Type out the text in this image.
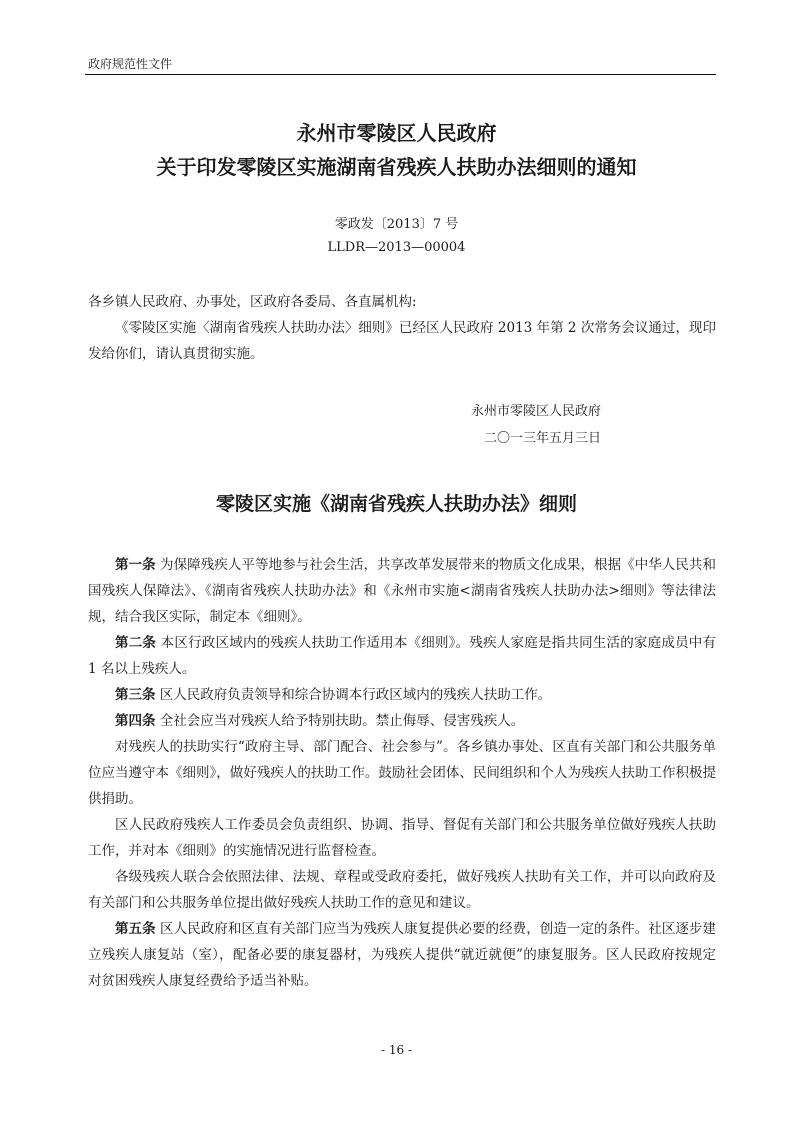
政府规范性文件
永州市零陵区人民政府
关于印发零陵区实施湖南省残疾人扶助办法细则的通知
零政发〔2013〕7 号
LLDR—2013—00004

各乡镇人民政府、办事处，区政府各委局、各直属机构:

《零陵区实施〈湖南省残疾人扶助办法〉细则》已经区人民政府 2013 年第 2 次常务会议通过，现印发给你们，请认真贯彻实施。

永州市零陵区人民政府
二〇一三年五月三日
零陵区实施《湖南省残疾人扶助办法》细则

第一条 为保障残疾人平等地参与社会生活，共享改革发展带来的物质文化成果，根据《中华人民共和国残疾人保障法》、《湖南省残疾人扶助办法》和《永州市实施<湖南省残疾人扶助办法>细则》等法律法规，结合我区实际，制定本《细则》。

第二条 本区行政区域内的残疾人扶助工作适用本《细则》。残疾人家庭是指共同生活的家庭成员中有 1 名以上残疾人。

第三条 区人民政府负责领导和综合协调本行政区域内的残疾人扶助工作。

第四条 全社会应当对残疾人给予特别扶助。禁止侮辱、侵害残疾人。

对残疾人的扶助实行“政府主导、部门配合、社会参与”。各乡镇办事处、区直有关部门和公共服务单位应当遵守本《细则》，做好残疾人的扶助工作。鼓励社会团体、民间组织和个人为残疾人扶助工作积极提供捐助。

区人民政府残疾人工作委员会负责组织、协调、指导、督促有关部门和公共服务单位做好残疾人扶助工作，并对本《细则》的实施情况进行监督检查。

各级残疾人联合会依照法律、法规、章程或受政府委托，做好残疾人扶助有关工作，并可以向政府及有关部门和公共服务单位提出做好残疾人扶助工作的意见和建议。

第五条 区人民政府和区直有关部门应当为残疾人康复提供必要的经费，创造一定的条件。社区逐步建立残疾人康复站（室），配备必要的康复器材，为残疾人提供“就近就便”的康复服务。区人民政府按规定对贫困残疾人康复经费给予适当补贴。

- 16 -
